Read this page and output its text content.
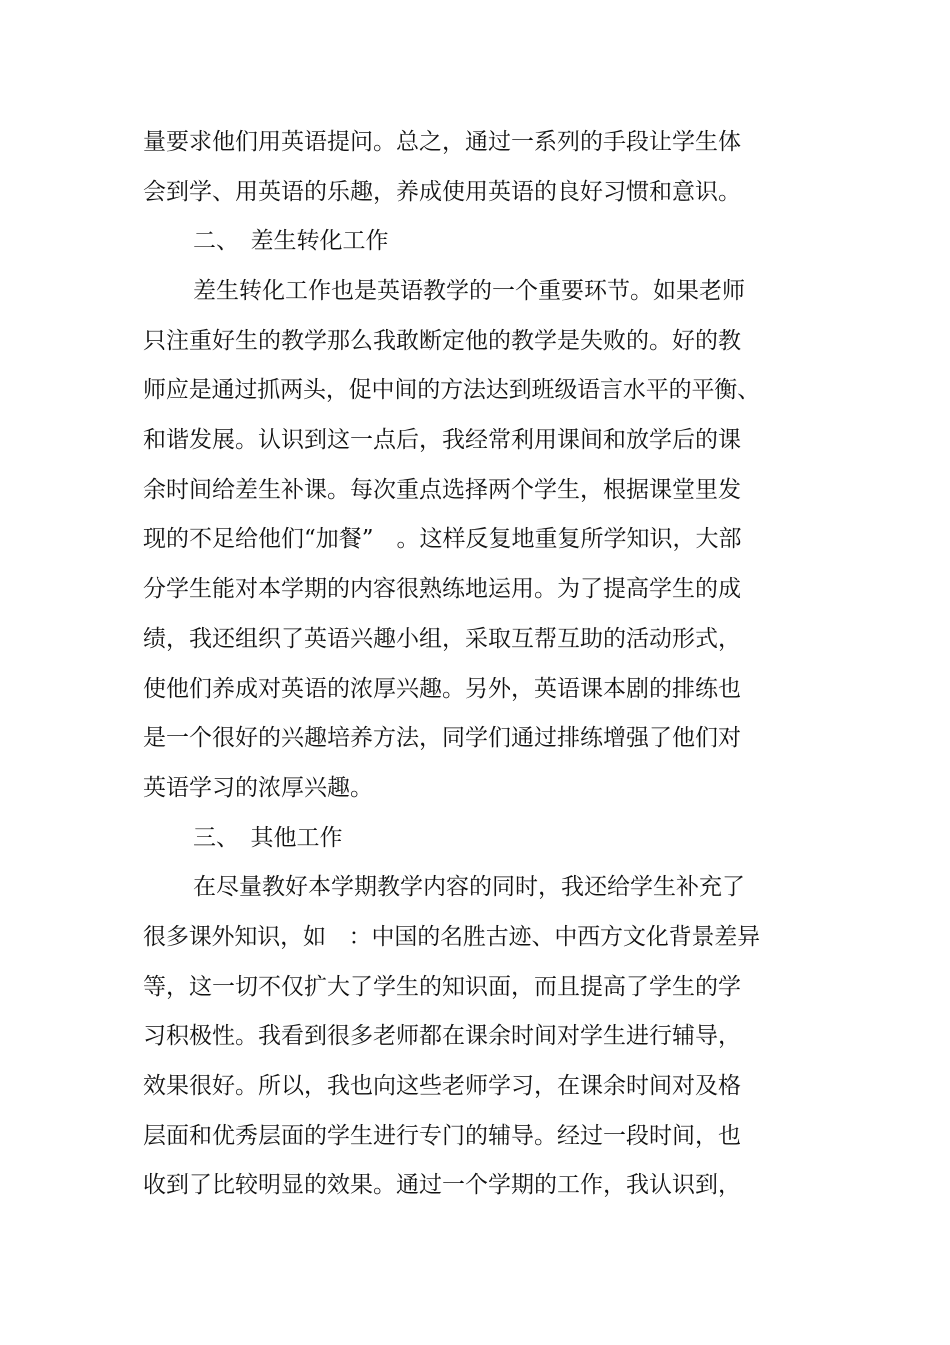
量要求他们用英语提问。总之，通过一系列的手段让学生体

会到学、用英语的乐趣，养成使用英语的良好习惯和意识。

二、　差生转化工作

差生转化工作也是英语教学的一个重要环节。如果老师

只注重好生的教学那么我敢断定他的教学是失败的。好的教

师应是通过抓两头，促中间的方法达到班级语言水平的平衡、

和谐发展。认识到这一点后，我经常利用课间和放学后的课

余时间给差生补课。每次重点选择两个学生，根据课堂里发

现的不足给他们“加餐”　。这样反复地重复所学知识，大部

分学生能对本学期的内容很熟练地运用。为了提高学生的成

绩，我还组织了英语兴趣小组，采取互帮互助的活动形式，

使他们养成对英语的浓厚兴趣。另外，英语课本剧的排练也

是一个很好的兴趣培养方法，同学们通过排练增强了他们对

英语学习的浓厚兴趣。

三、　其他工作

在尽量教好本学期教学内容的同时，我还给学生补充了

很多课外知识，如　：中国的名胜古迹、中西方文化背景差异

等，这一切不仅扩大了学生的知识面，而且提高了学生的学

习积极性。我看到很多老师都在课余时间对学生进行辅导，

效果很好。所以，我也向这些老师学习，在课余时间对及格

层面和优秀层面的学生进行专门的辅导。经过一段时间，也

收到了比较明显的效果。通过一个学期的工作，我认识到，
